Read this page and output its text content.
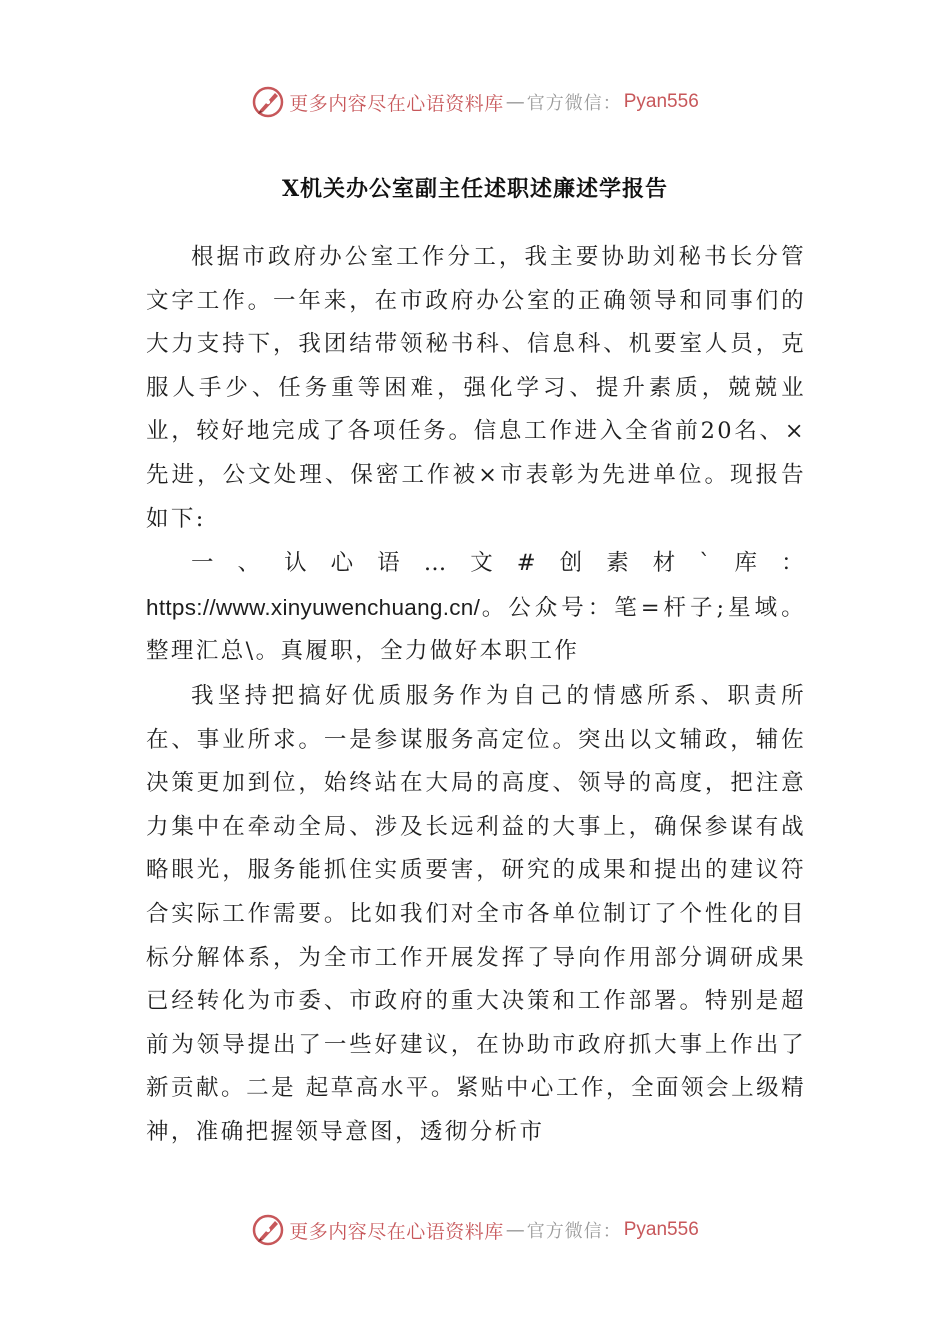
更多内容尽在心语资料库 — 官方微信： Pyan556
X机关办公室副主任述职述廉述学报告

根据市政府办公室工作分工，我主要协助刘秘书长分管文字工作。一年来，在市政府办公室的正确领导和同事们的大力支持下，我团结带领秘书科、信息科、机要室人员，克服人手少、任务重等困难，强化学习、提升素质，兢兢业业，较好地完成了各项任务。信息工作进入全省前20名、×先进，公文处理、保密工作被×市表彰为先进单位。现报告如下:

一、认心语…文#创素材`库：https://www.xinyuwenchuang.cn/。公众号：笔=杆子;星域。整理汇总\。真履职，全力做好本职工作

我坚持把搞好优质服务作为自己的情感所系、职责所在、事业所求。一是参谋服务高定位。突出以文辅政，辅佐决策更加到位，始终站在大局的高度、领导的高度，把注意力集中在牵动全局、涉及长远利益的大事上，确保参谋有战略眼光，服务能抓住实质要害，研究的成果和提出的建议符合实际工作需要。比如我们对全市各单位制订了个性化的目标分解体系，为全市工作开展发挥了导向作用部分调研成果已经转化为市委、市政府的重大决策和工作部署。特别是超前为领导提出了一些好建议，在协助市政府抓大事上作出了新贡献。二是 起草高水平。紧贴中心工作，全面领会上级精神，准确把握领导意图，透彻分析市

更多内容尽在心语资料库 — 官方微信： Pyan556
